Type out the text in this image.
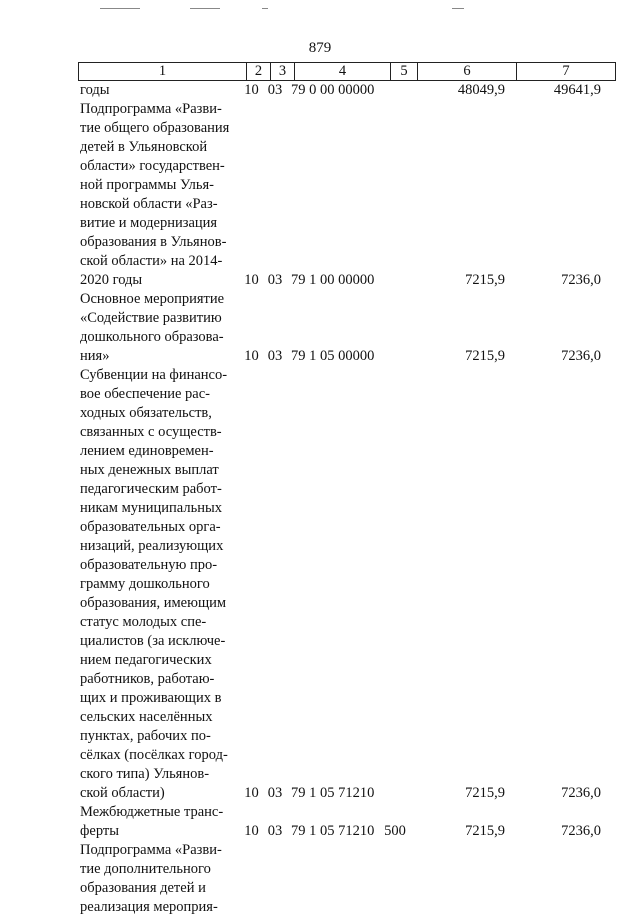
879
1	2	3	4	5	6	7
годы	10 03 79 0 00 00000	48049,9	49641,9
Подпрограмма «Разви-
тие общего образования
детей в Ульяновской
области» государствен-
ной программы Улья-
новской области «Раз-
витие и модернизация
образования в Ульянов-
ской области» на 2014-
2020 годы	10 03 79 1 00 00000	7215,9	7236,0
Основное мероприятие
«Содействие развитию
дошкольного образова-
ния»	10 03 79 1 05 00000	7215,9	7236,0
Субвенции на финансо-
вое обеспечение рас-
ходных обязательств,
связанных с осуществ-
лением единовремен-
ных денежных выплат
педагогическим работ-
никам муниципальных
образовательных орга-
низаций, реализующих
образовательную про-
грамму дошкольного
образования, имеющим
статус молодых спе-
циалистов (за исключе-
нием педагогических
работников, работаю-
щих и проживающих в
сельских населённых
пунктах, рабочих по-
сёлках (посёлках город-
ского типа) Ульянов-
ской области)	10 03 79 1 05 71210	7215,9	7236,0
Межбюджетные транс-
ферты	10 03 79 1 05 71210 500	7215,9	7236,0
Подпрограмма «Разви-
тие дополнительного
образования детей и
реализация мероприя-
